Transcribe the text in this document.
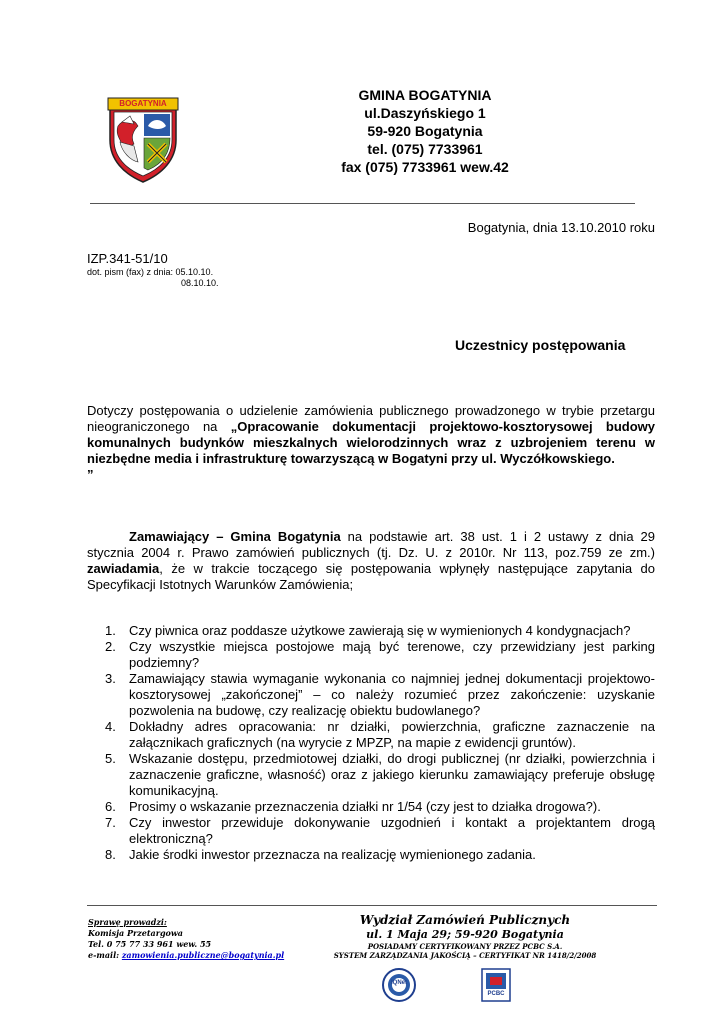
BOGATYNIA
GMINA BOGATYNIA
ul.Daszyńskiego 1
59-920 Bogatynia
tel. (075) 7733961
fax (075) 7733961 wew.42
Bogatynia, dnia 13.10.2010 roku
IZP.341-51/10
dot. pism (fax) z dnia: 05.10.10.
08.10.10.
Uczestnicy postępowania
Dotyczy postępowania o udzielenie zamówienia publicznego prowadzonego w trybie przetargu nieograniczonego na „Opracowanie dokumentacji projektowo-kosztorysowej budowy komunalnych budynków mieszkalnych wielorodzinnych wraz z uzbrojeniem terenu w niezbędne media i infrastrukturę towarzyszącą w Bogatyni przy ul. Wyczółkowskiego.
”
Zamawiający – Gmina Bogatynia na podstawie art. 38 ust. 1 i 2 ustawy z dnia 29 stycznia 2004 r. Prawo zamówień publicznych (tj. Dz. U. z 2010r. Nr 113, poz.759 ze zm.) zawiadamia, że w trakcie toczącego się postępowania wpłynęły następujące zapytania do Specyfikacji Istotnych Warunków Zamówienia;
1.	Czy piwnica oraz poddasze użytkowe zawierają się w wymienionych 4 kondygnacjach?
2.	Czy wszystkie miejsca postojowe mają być terenowe, czy przewidziany jest parking podziemny?
3.	Zamawiający stawia wymaganie wykonania co najmniej jednej dokumentacji projektowo-kosztorysowej „zakończonej” – co należy rozumieć przez zakończenie: uzyskanie pozwolenia na budowę, czy realizację obiektu budowlanego?
4.	Dokładny adres opracowania: nr działki, powierzchnia, graficzne zaznaczenie na załącznikach graficznych (na wyrycie z MPZP, na mapie z ewidencji gruntów).
5.	Wskazanie dostępu, przedmiotowej działki, do drogi publicznej (nr działki, powierzchnia i zaznaczenie graficzne, własność) oraz z jakiego kierunku zamawiający preferuje obsługę komunikacyjną.
6.	Prosimy o wskazanie przeznaczenia działki nr 1/54 (czy jest to działka drogowa?).
7.	Czy inwestor przewiduje dokonywanie uzgodnień i kontakt a projektantem drogą elektroniczną?
8.	Jakie środki inwestor przeznacza na realizację wymienionego zadania.
Sprawę prowadzi:
Komisja Przetargowa
Tel. 0 75 77 33 961 wew. 55
e-mail: zamowienia.publiczne@bogatynia.pl
Wydział Zamówień Publicznych
ul. 1 Maja 29; 59-920 Bogatynia
POSIADAMY CERTYFIKOWANY PRZEZ PCBC S.A.
SYSTEM ZARZĄDZANIA JAKOŚCIĄ – CERTYFIKAT NR 1418/2/2008
IQNet
PCBC
